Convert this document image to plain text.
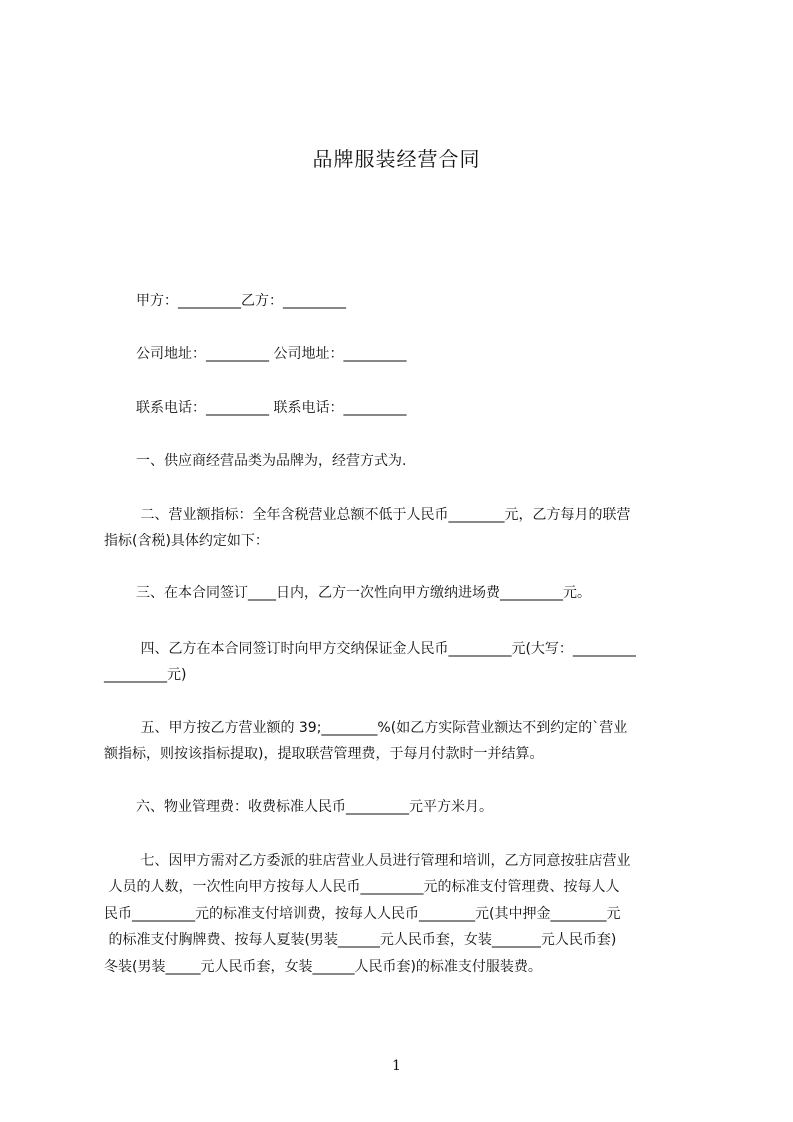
品牌服装经营合同

甲方：_________乙方：_________

公司地址：_________ 公司地址：_________

联系电话：_________ 联系电话：_________

一、供应商经营品类为品牌为，经营方式为.

二、营业额指标：全年含税营业总额不低于人民币________元，乙方每月的联营

指标(含税)具体约定如下：

三、在本合同签订____日内，乙方一次性向甲方缴纳进场费_________元。

四、乙方在本合同签订时向甲方交纳保证金人民币_________元(大写：_________

_________元)

五、甲方按乙方营业额的 39;________%(如乙方实际营业额达不到约定的`营业

额指标，则按该指标提取)，提取联营管理费，于每月付款时一并结算。

六、物业管理费：收费标准人民币_________元平方米月。

七、因甲方需对乙方委派的驻店营业人员进行管理和培训，乙方同意按驻店营业

人员的人数，一次性向甲方按每人人民币_________元的标准支付管理费、按每人人

民币_________元的标准支付培训费，按每人人民币________元(其中押金________元

的标准支付胸牌费、按每人夏装(男装______元人民币套，女装_______元人民币套)

冬装(男装_____元人民币套，女装______人民币套)的标准支付服装费。

1
